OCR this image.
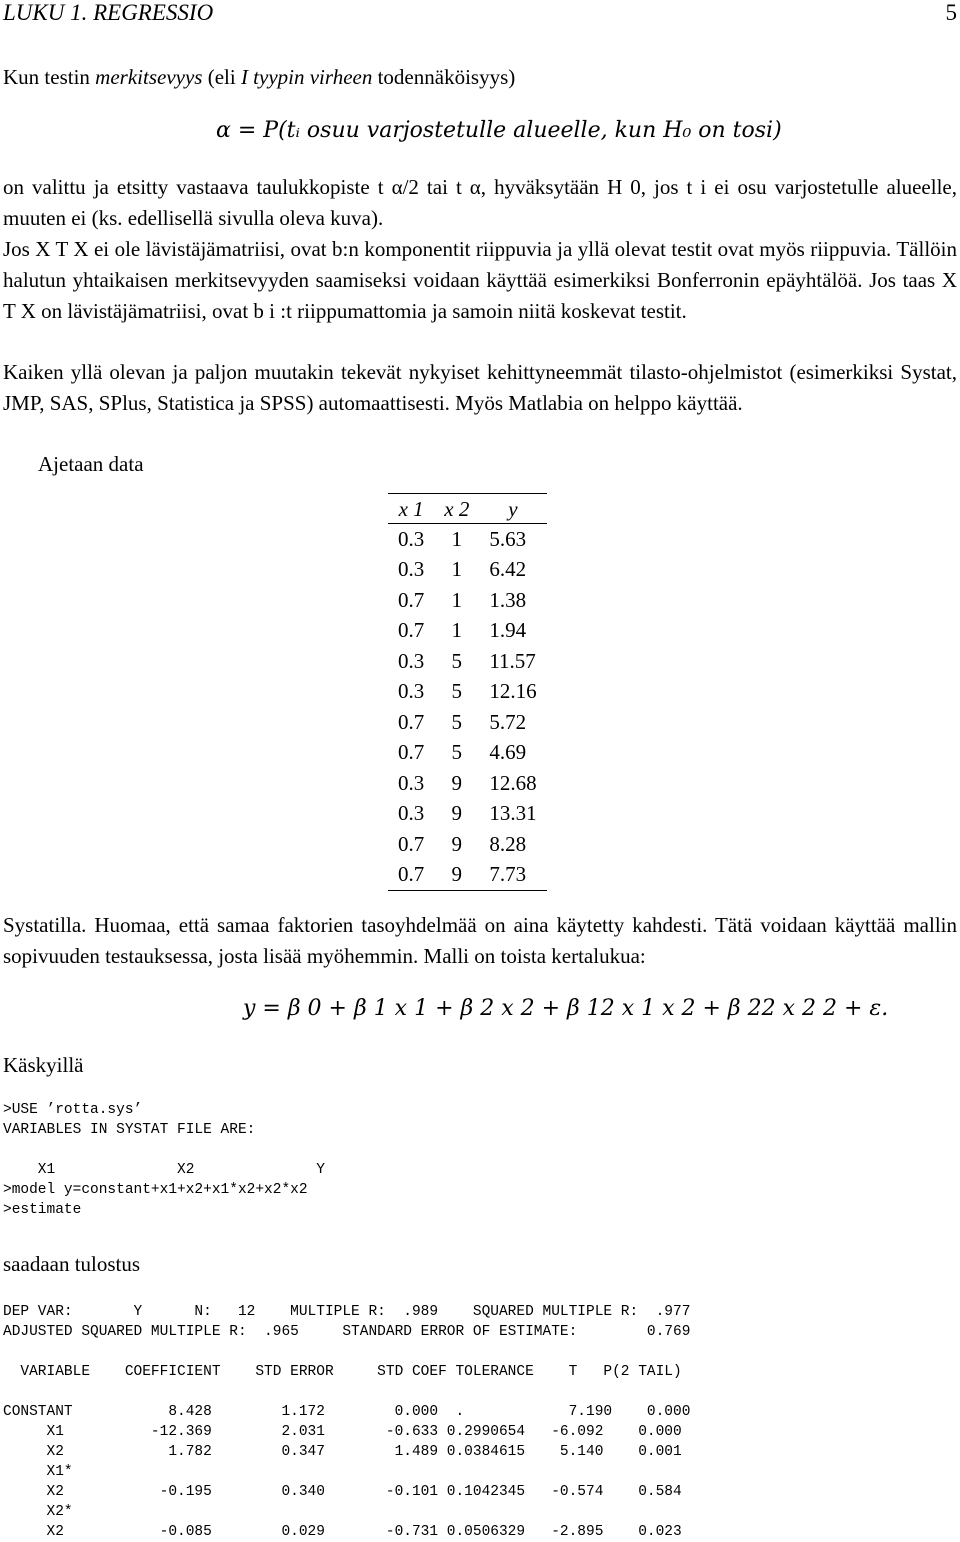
LUKU 1. REGRESSIO	5
Kun testin merkitsevyys (eli I tyypin virheen todennäköisyys)
α = P(tᵢ osuu varjostetulle alueelle, kun H₀ on tosi)
on valittu ja etsitty vastaava taulukkopiste t α/2 tai t α, hyväksytään H 0, jos t i ei osu varjostetulle alueelle, muuten ei (ks. edellisellä sivulla oleva kuva).
Jos X T X ei ole lävistäjämatriisi, ovat b:n komponentit riippuvia ja yllä olevat testit ovat myös riippuvia. Tällöin halutun yhtaikaisen merkitsevyyden saamiseksi voidaan käyttää esimerkiksi Bonferronin epäyhtälöä. Jos taas X T X on lävistäjämatriisi, ovat b i :t riippumattomia ja samoin niitä koskevat testit.
Kaiken yllä olevan ja paljon muutakin tekevät nykyiset kehittyneemmät tilasto-ohjelmistot (esimerkiksi Systat, JMP, SAS, SPlus, Statistica ja SPSS) automaattisesti. Myös Matlabia on helppo käyttää.
Ajetaan data
x 1	x 2	y
0.3	1	5.63
0.3	1	6.42
0.7	1	1.38
0.7	1	1.94
0.3	5	11.57
0.3	5	12.16
0.7	5	5.72
0.7	5	4.69
0.3	9	12.68
0.3	9	13.31
0.7	9	8.28
0.7	9	7.73
Systatilla. Huomaa, että samaa faktorien tasoyhdelmää on aina käytetty kahdesti. Tätä voidaan käyttää mallin sopivuuden testauksessa, josta lisää myöhemmin. Malli on toista kertalukua:
y = β 0 + β 1 x 1 + β 2 x 2 + β 12 x 1 x 2 + β 22 x 2 2 + ε.
Käskyillä
>USE ’rotta.sys’
VARIABLES IN SYSTAT FILE ARE:

X1              X2              Y
>model y=constant+x1+x2+x1*x2+x2*x2
>estimate
saadaan tulostus
DEP VAR:       Y      N:   12    MULTIPLE R:  .989    SQUARED MULTIPLE R:  .977
ADJUSTED SQUARED MULTIPLE R:  .965     STANDARD ERROR OF ESTIMATE:        0.769

VARIABLE    COEFFICIENT    STD ERROR     STD COEF TOLERANCE    T   P(2 TAIL)

CONSTANT           8.428        1.172        0.000  .            7.190    0.000
X1          -12.369        2.031       -0.633 0.2990654   -6.092    0.000
X2            1.782        0.347        1.489 0.0384615    5.140    0.001
X1*
X2           -0.195        0.340       -0.101 0.1042345   -0.574    0.584
X2*
X2           -0.085        0.029       -0.731 0.0506329   -2.895    0.023
